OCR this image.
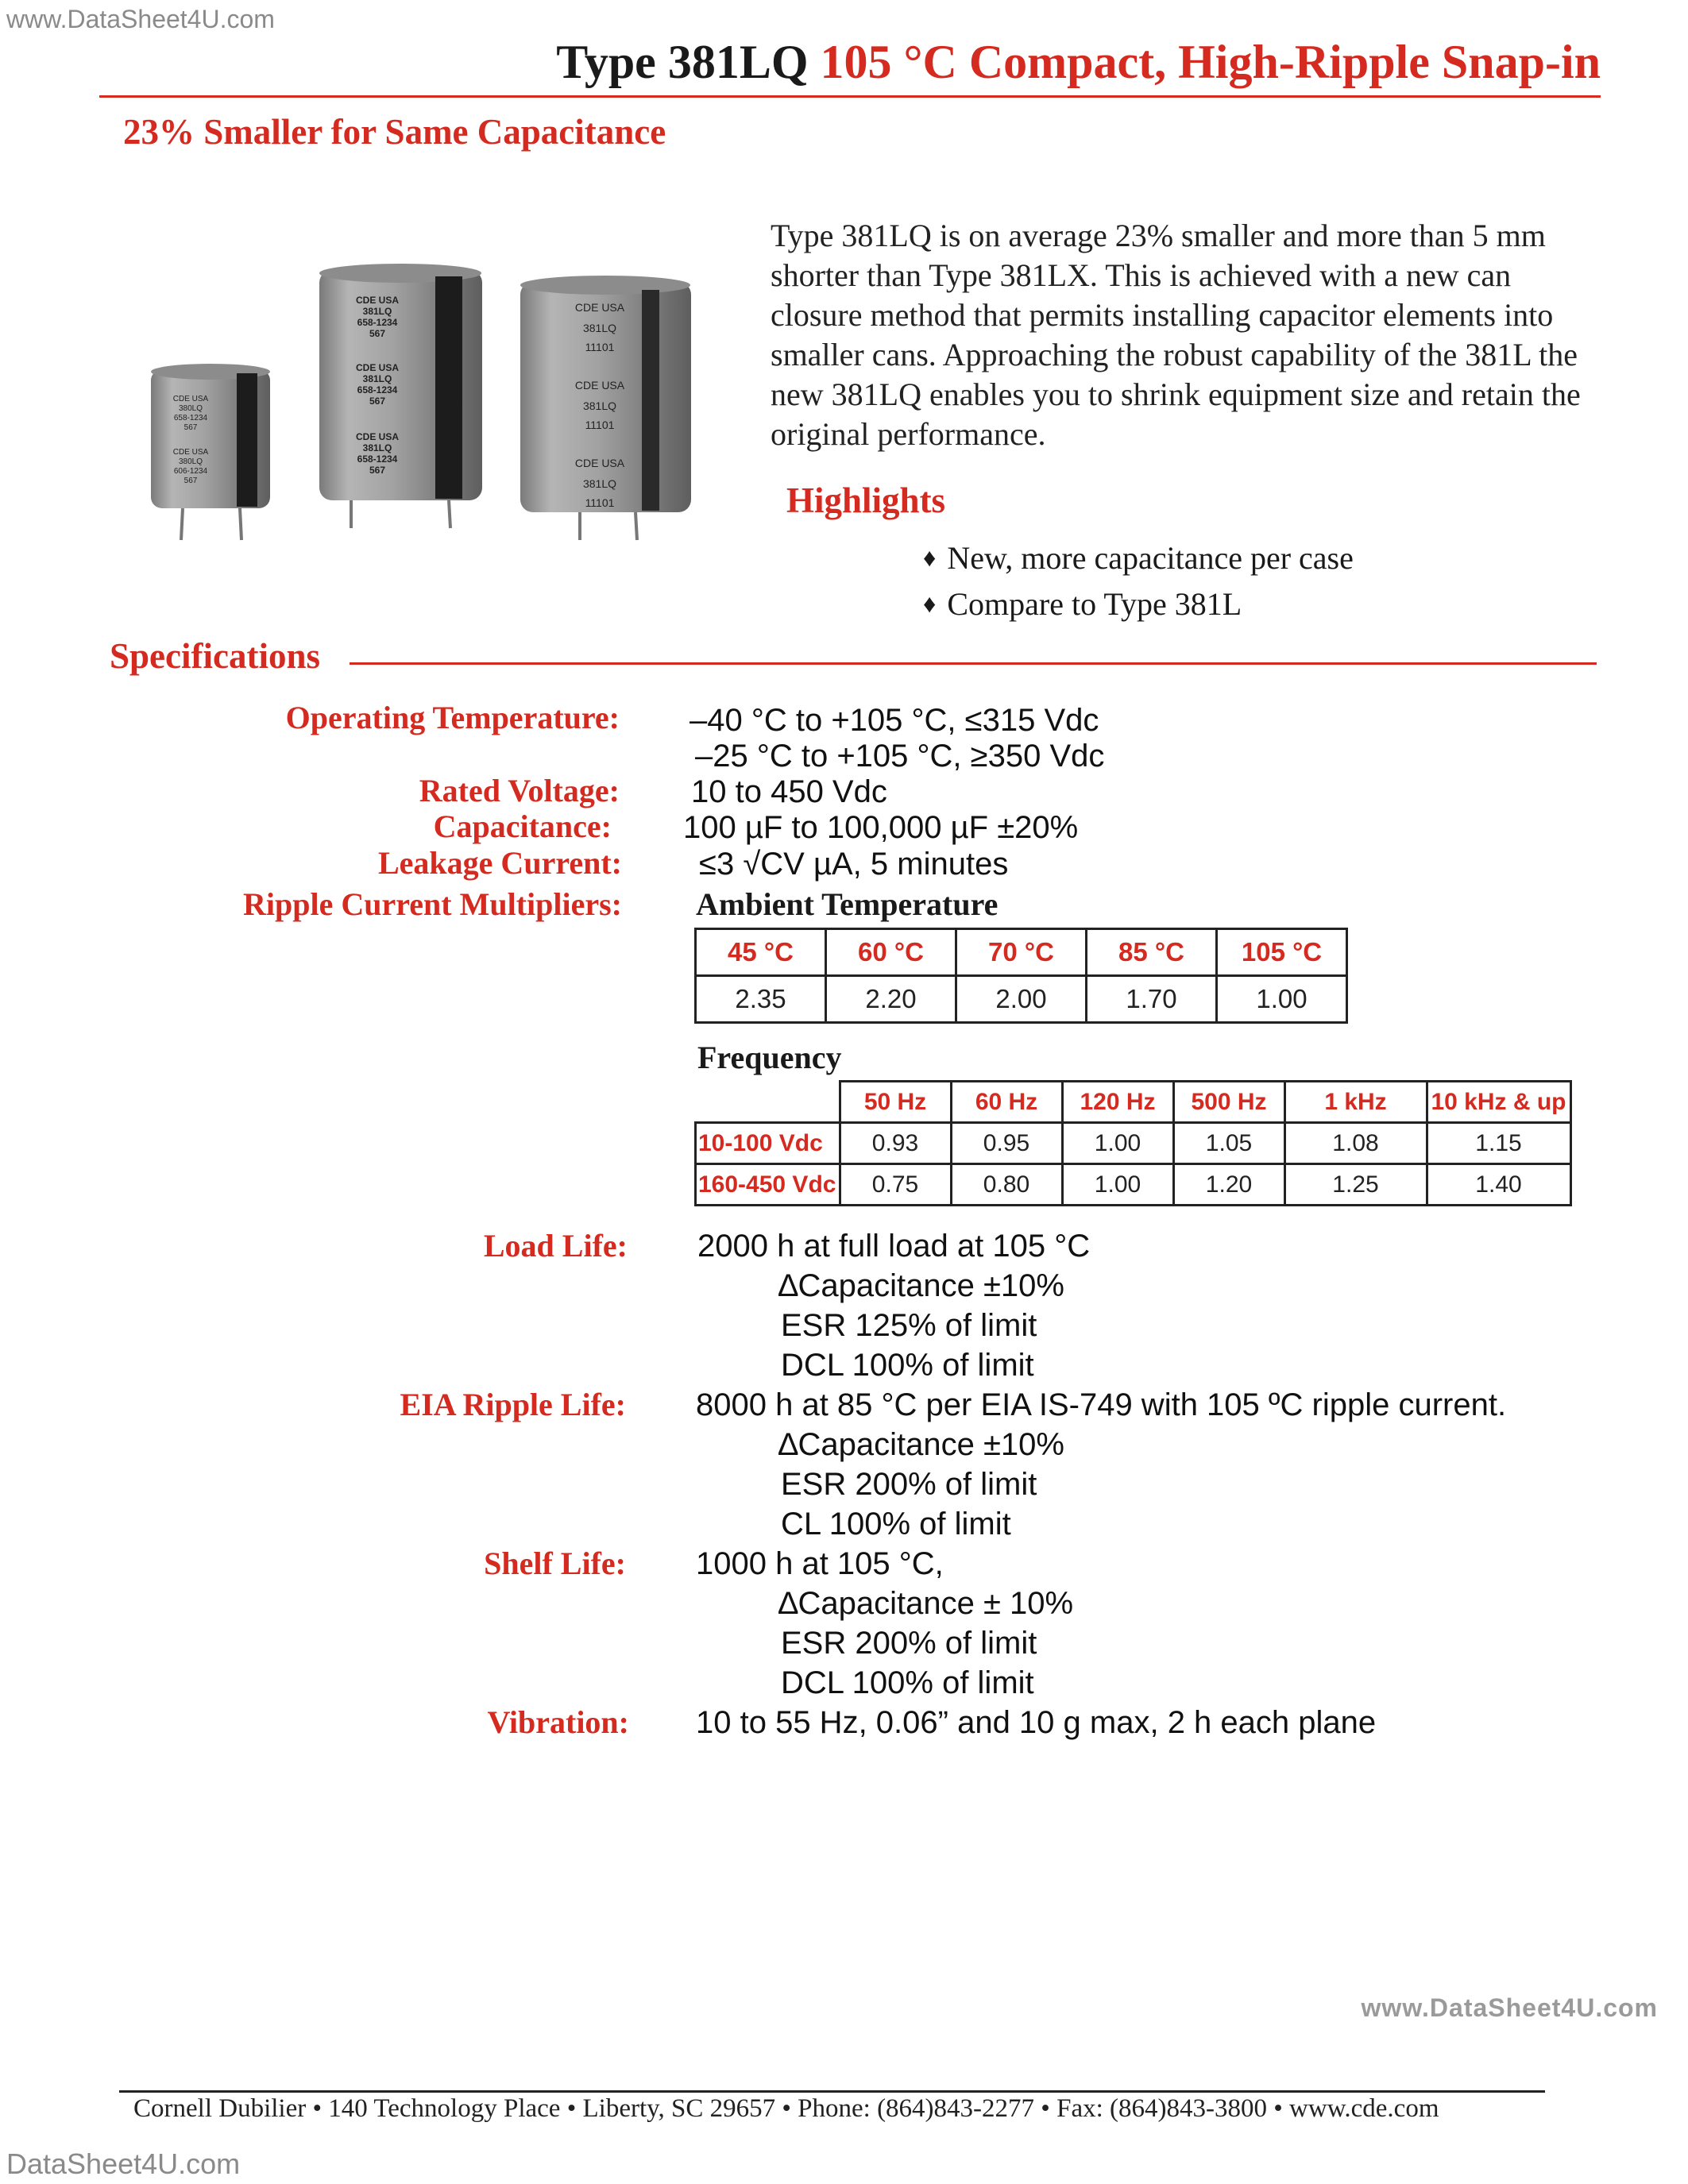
www.DataSheet4U.com
Type 381LQ 105 °C Compact, High-Ripple Snap-in
23% Smaller for Same Capacitance
CDE USA
380LQ
658-1234
567
CDE USA
380LQ
606-1234
567
CDE USA
381LQ
658-1234
567
CDE USA
381LQ
658-1234
567
CDE USA
381LQ
658-1234
567
CDE USA
381LQ
11101
CDE USA
381LQ
11101
CDE USA
381LQ
11101
Type 381LQ is on average 23% smaller and more than 5 mm shorter than Type 381LX. This is achieved with a new can closure method that permits installing capacitor elements into smaller cans. Approaching the robust capability of the 381L the new 381LQ enables you to shrink equipment size and retain the original performance.
Highlights
♦ New, more capacitance per case
♦ Compare to Type 381L
Specifications
Operating Temperature: –40 °C to +105 °C, ≤315 Vdc
–25 °C to +105 °C, ≥350 Vdc
Rated Voltage: 10 to 450 Vdc
Capacitance: 100 µF to 100,000 µF ±20%
Leakage Current: ≤3 √CV µA, 5 minutes
Ripple Current Multipliers: Ambient Temperature
45 °C	60 °C	70 °C	85 °C	105 °C
2.35	2.20	2.00	1.70	1.00
Frequency
	50 Hz	60 Hz	120 Hz	500 Hz	1 kHz	10 kHz & up
10-100 Vdc	0.93	0.95	1.00	1.05	1.08	1.15
160-450 Vdc	0.75	0.80	1.00	1.20	1.25	1.40
Load Life: 2000 h at full load at 105 °C
∆Capacitance ±10%
ESR 125% of limit
DCL 100% of limit
EIA Ripple Life: 8000 h at 85 °C per EIA IS-749 with 105 ºC ripple current.
∆Capacitance ±10%
ESR 200% of limit
CL 100% of limit
Shelf Life: 1000 h at 105 °C,
∆Capacitance ± 10%
ESR 200% of limit
DCL 100% of limit
Vibration: 10 to 55 Hz, 0.06” and 10 g max, 2 h each plane
www.DataSheet4U.com
Cornell Dubilier • 140 Technology Place • Liberty, SC 29657 • Phone: (864)843-2277 • Fax: (864)843-3800 • www.cde.com
DataSheet4U.com
